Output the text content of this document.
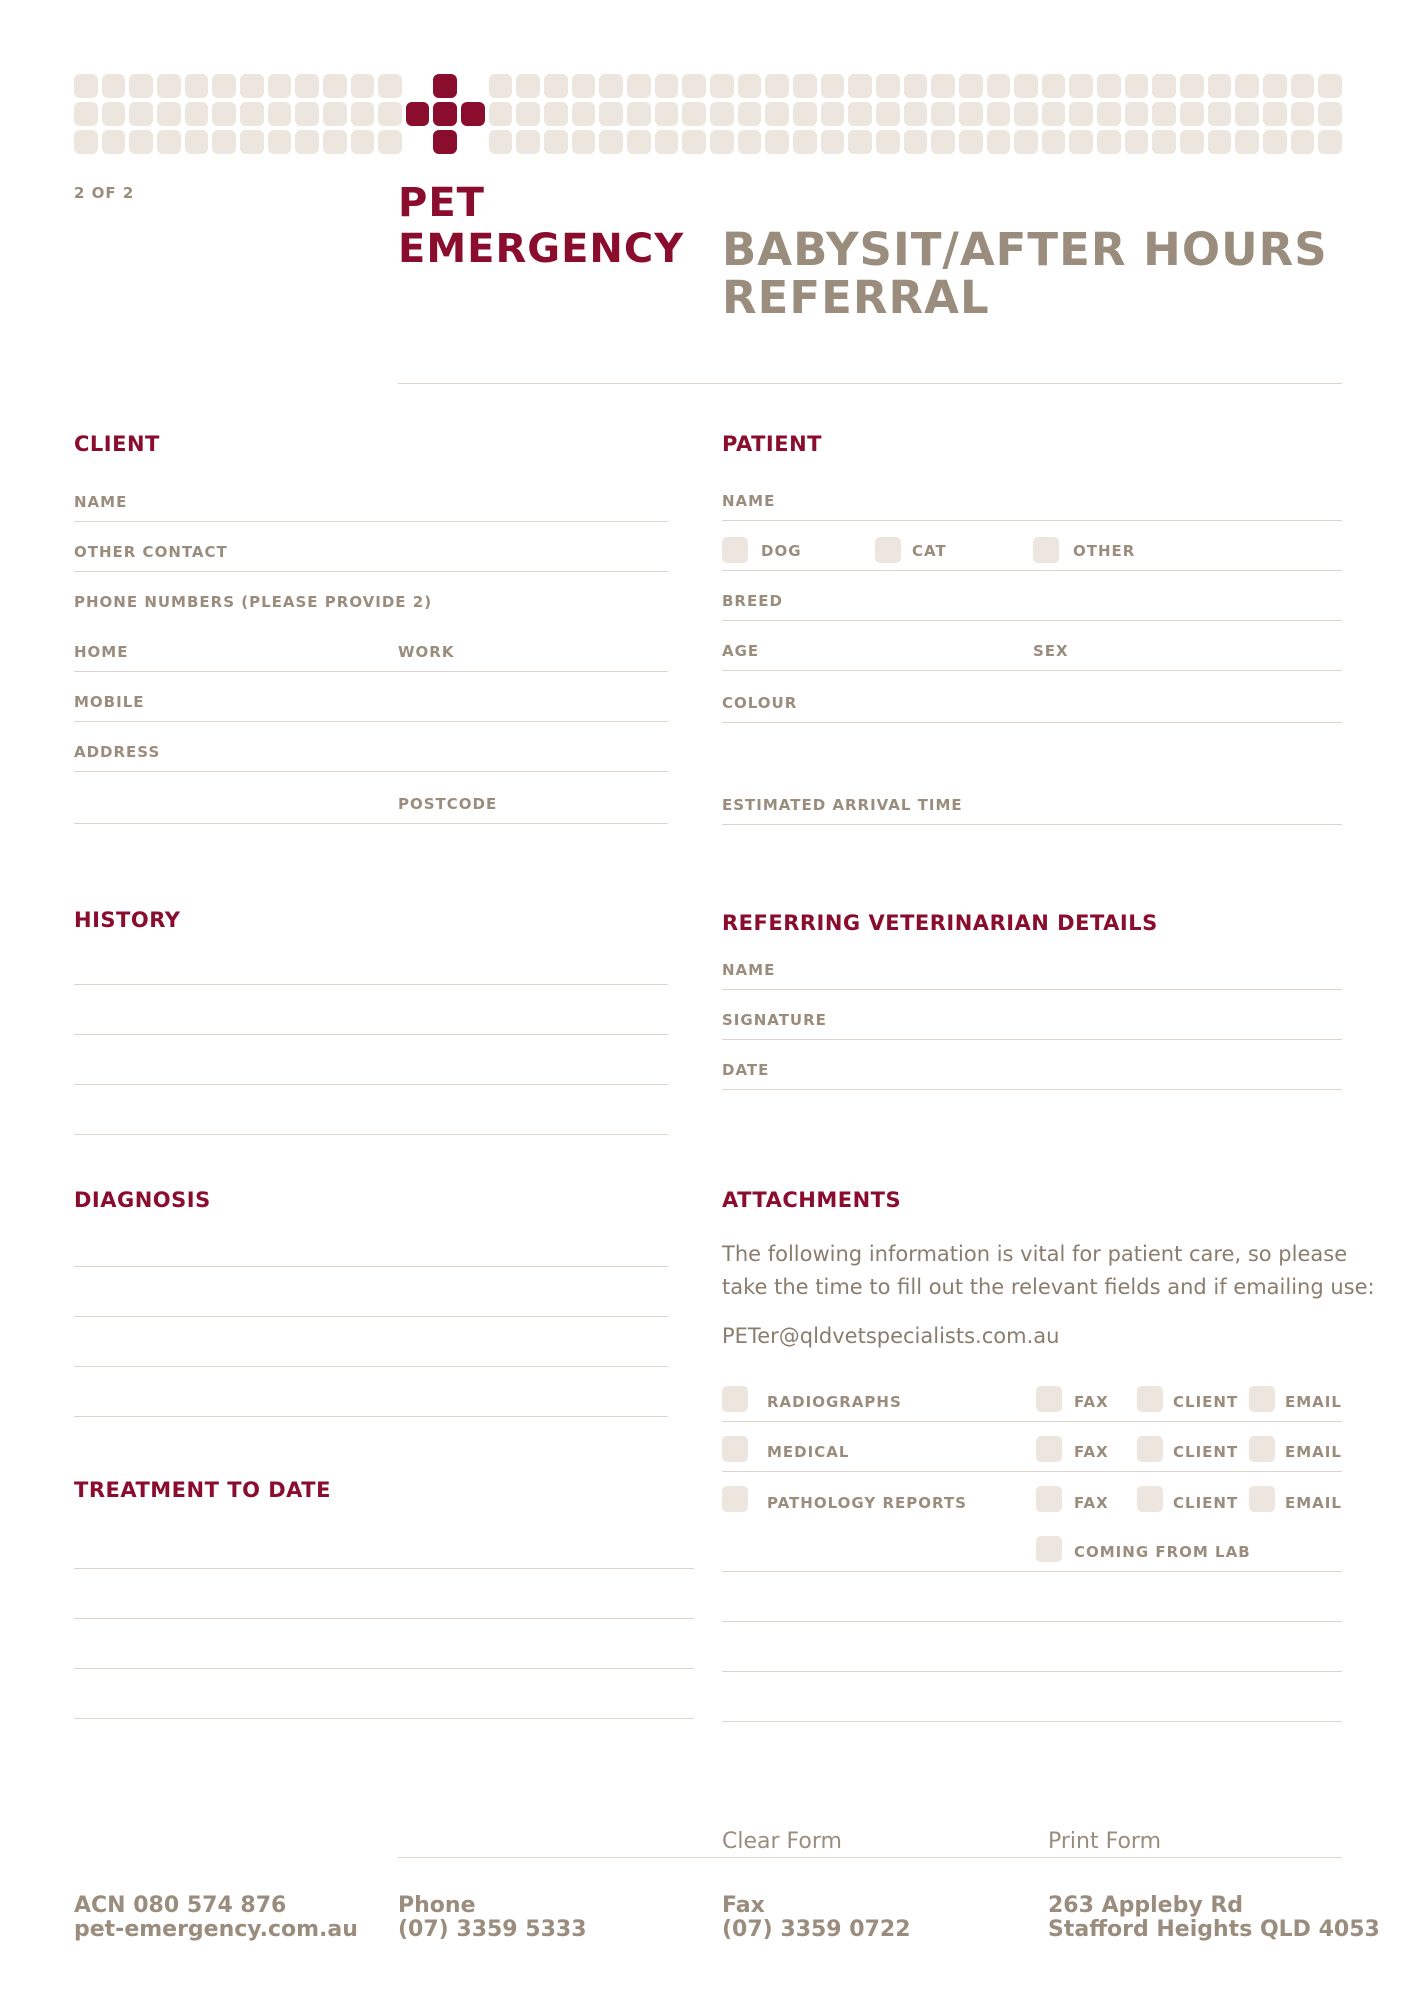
2 OF 2	PET
EMERGENCY BABYSIT/AFTER HOURS
REFERRAL
CLIENT
NAME
OTHER CONTACT
PHONE NUMBERS (PLEASE PROVIDE 2)
HOME	WORK
MOBILE
ADDRESS
POSTCODE
PATIENT
NAME
DOG	CAT	OTHER
BREED
AGE	SEX
COLOUR
ESTIMATED ARRIVAL TIME
HISTORY	REFERRING VETERINARIAN DETAILS
NAME
SIGNATURE
DATE
DIAGNOSIS
TREATMENT TO DATE
ATTACHMENTS
The following information is vital for patient care, so please
take the time to fill out the relevant fields and if emailing use:
PETer@qldvetspecialists.com.au
RADIOGRAPHS	FAX	CLIENT	EMAIL
MEDICAL	FAX	CLIENT	EMAIL
PATHOLOGY REPORTS	FAX	CLIENT	EMAIL
COMING FROM LAB
Clear Form	Print Form
ACN 080 574 876
pet-emergency.com.au
Phone
(07) 3359 5333
Fax
(07) 3359 0722
263 Appleby Rd
Stafford Heights QLD 4053
